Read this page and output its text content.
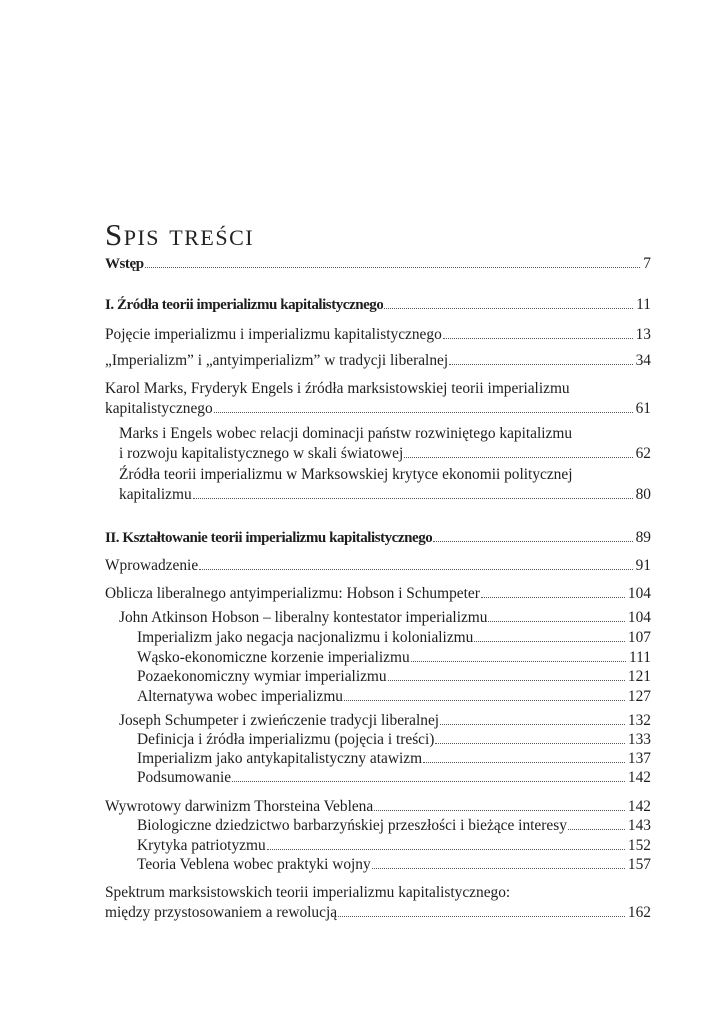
Spis treści
Wstęp	7
I. Źródła teorii imperializmu kapitalistycznego	11
Pojęcie imperializmu i imperializmu kapitalistycznego	13
„Imperializm” i „antyimperializm” w tradycji liberalnej	34
Karol Marks, Fryderyk Engels i źródła marksistowskiej teorii imperializmu
kapitalistycznego	61
Marks i Engels wobec relacji dominacji państw rozwiniętego kapitalizmu
i rozwoju kapitalistycznego w skali światowej	62
Źródła teorii imperializmu w Marksowskiej krytyce ekonomii politycznej
kapitalizmu	80
II. Kształtowanie teorii imperializmu kapitalistycznego	89
Wprowadzenie	91
Oblicza liberalnego antyimperializmu: Hobson i Schumpeter	104
John Atkinson Hobson – liberalny kontestator imperializmu	104
Imperializm jako negacja nacjonalizmu i kolonializmu	107
Wąsko-ekonomiczne korzenie imperializmu	111
Pozaekonomiczny wymiar imperializmu	121
Alternatywa wobec imperializmu	127
Joseph Schumpeter i zwieńczenie tradycji liberalnej	132
Definicja i źródła imperializmu (pojęcia i treści)	133
Imperializm jako antykapitalistyczny atawizm	137
Podsumowanie	142
Wywrotowy darwinizm Thorsteina Veblena	142
Biologiczne dziedzictwo barbarzyńskiej przeszłości i bieżące interesy	143
Krytyka patriotyzmu	152
Teoria Veblena wobec praktyki wojny	157
Spektrum marksistowskich teorii imperializmu kapitalistycznego:
między przystosowaniem a rewolucją	162
